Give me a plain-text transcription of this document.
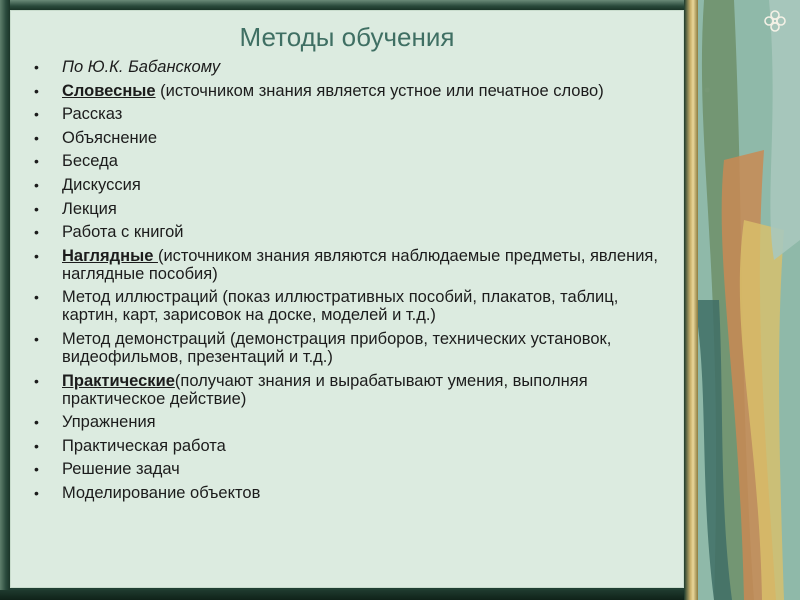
Методы обучения
• По Ю.К. Бабанскому
• Словесные (источником знания является устное или печатное слово)
• Рассказ
• Объяснение
• Беседа
• Дискуссия
• Лекция
• Работа с книгой
• Наглядные (источником знания являются наблюдаемые предметы, явления, наглядные пособия)
• Метод иллюстраций (показ иллюстративных пособий, плакатов, таблиц, картин, карт, зарисовок на доске, моделей и т.д.)
• Метод демонстраций (демонстрация приборов, технических установок, видеофильмов, презентаций и т.д.)
• Практические(получают знания и вырабатывают умения, выполняя практическое действие)
• Упражнения
• Практическая работа
• Решение задач
• Моделирование объектов
